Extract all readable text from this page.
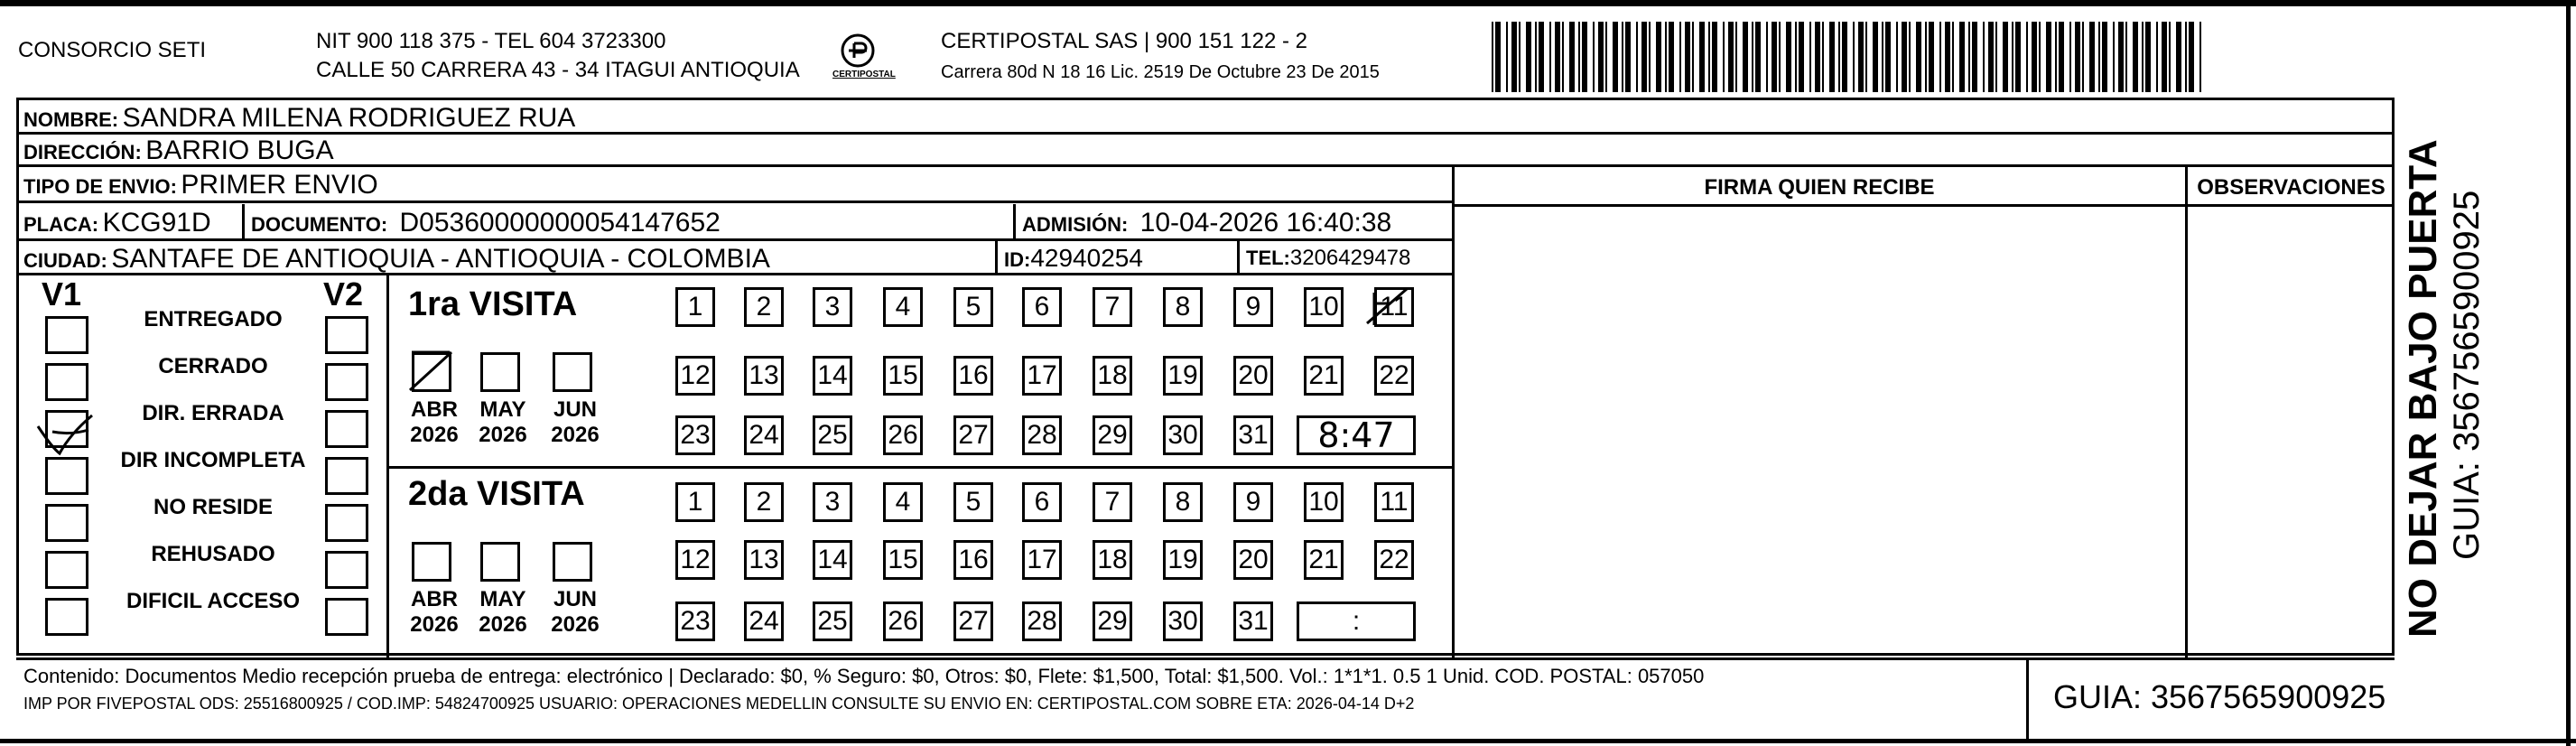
CONSORCIO SETI	NIT 900 118 375 - TEL 604 3723300
CALLE 50 CARRERA 43 - 34 ITAGUI ANTIOQUIA	CERTIPOSTAL
CERTIPOSTAL SAS | 900 151 122 - 2
Carrera 80d N 18 16 Lic. 2519 De Octubre 23 De 2015
NOMBRE: SANDRA MILENA RODRIGUEZ RUA
DIRECCIÓN: BARRIO BUGA
TIPO DE ENVIO: PRIMER ENVIO
PLACA: KCG91D DOCUMENTO: D05360000000054147652	ADMISIÓN: 10-04-2026 16:40:38
CIUDAD: SANTAFE DE ANTIOQUIA - ANTIOQUIA - COLOMBIA	ID:42940254	TEL:3206429478
FIRMA QUIEN RECIBE	OBSERVACIONES
V1	V2
ENTREGADO
CERRADO
DIR. ERRADA
DIR INCOMPLETA
NO RESIDE
REHUSADO
DIFICIL ACCESO
1ra VISITA
ABR
2026
MAY
2026
JUN
2026
1	2	3	4	5	6	7	8	9	10 11
12 13 14 15 16 17 18 19 20 21 22
23 24 25 26 27 28 29 30 31	8:47
2da VISITA
ABR
2026
MAY
2026
JUN
2026
1	2	3	4	5	6	7	8	9	10 11
12 13 14 15 16 17 18 19 20 21 22
23 24 25 26 27 28 29 30 31	:
Contenido: Documentos Medio recepción prueba de entrega: electrónico | Declarado: $0, % Seguro: $0, Otros: $0, Flete: $1,500, Total: $1,500. Vol.: 1*1*1. 0.5 1 Unid. COD. POSTAL: 057050
IMP POR FIVEPOSTAL ODS: 25516800925 / COD.IMP: 54824700925 USUARIO: OPERACIONES MEDELLIN CONSULTE SU ENVIO EN: CERTIPOSTAL.COM SOBRE ETA: 2026-04-14 D+2	GUIA: 3567565900925
NO DEJAR BAJO PUERTA GUIA: 3567565900925
